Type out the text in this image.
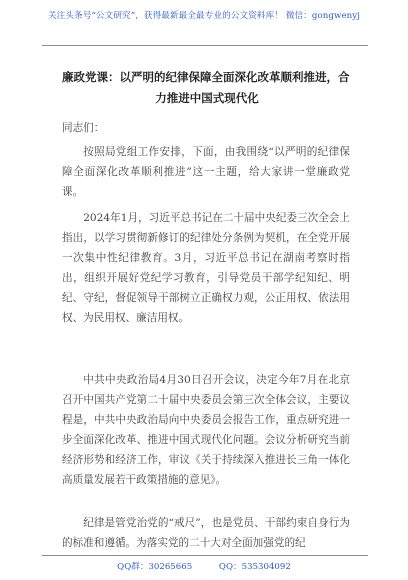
关注头条号“公文研究”，获得最新最全最专业的公文资料库！ 微信：gongwenyj
廉政党课：以严明的纪律保障全面深化改革顺利推进，合
力推进中国式现代化
同志们：
按照局党组工作安排，下面，由我围绕“以严明的纪律保障全面深化改革顺利推进”这一主题，给大家讲一堂廉政党课。
2024年1月，习近平总书记在二十届中央纪委三次全会上指出，以学习贯彻新修订的纪律处分条例为契机，在全党开展一次集中性纪律教育。3月，习近平总书记在湖南考察时指出，组织开展好党纪学习教育，引导党员干部学纪知纪、明纪、守纪，督促领导干部树立正确权力观，公正用权、依法用权、为民用权、廉洁用权。
中共中央政治局4月30日召开会议，决定今年7月在北京召开中国共产党第二十届中央委员会第三次全体会议，主要议程是，中共中央政治局向中央委员会报告工作，重点研究进一步全面深化改革、推进中国式现代化问题。会议分析研究当前经济形势和经济工作，审议《关于持续深入推进长三角一体化高质量发展若干政策措施的意见》。
纪律是管党治党的“戒尺”，也是党员、干部约束自身行为的标准和遵循。为落实党的二十大对全面加强党的纪
QQ群：30265665	QQ：535304092
